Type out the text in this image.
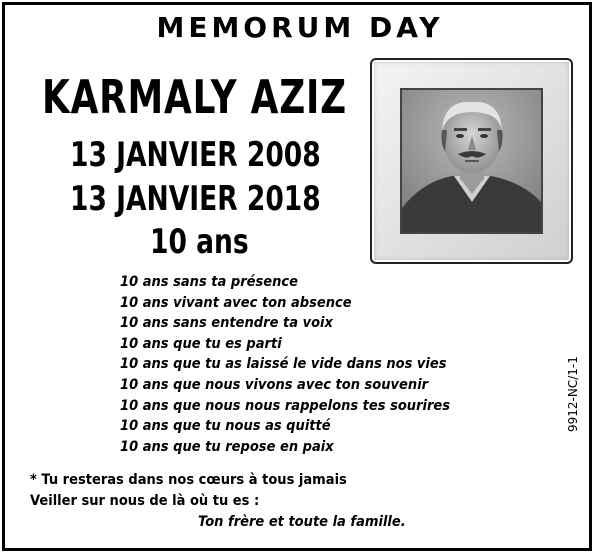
MEMORUM DAY
KARMALY AZIZ
13 JANVIER 2008
13 JANVIER 2018
10 ans
10 ans sans ta présence
10 ans vivant avec ton absence
10 ans sans entendre ta voix
10 ans que tu es parti
10 ans que tu as laissé le vide dans nos vies
10 ans que nous vivons avec ton souvenir
10 ans que nous nous rappelons tes sourires
10 ans que tu nous as quitté
10 ans que tu repose en paix
9912-NC/1-1
* Tu resteras dans nos cœurs à tous jamais
Veiller sur nous de là où tu es :
Ton frère et toute la famille.
